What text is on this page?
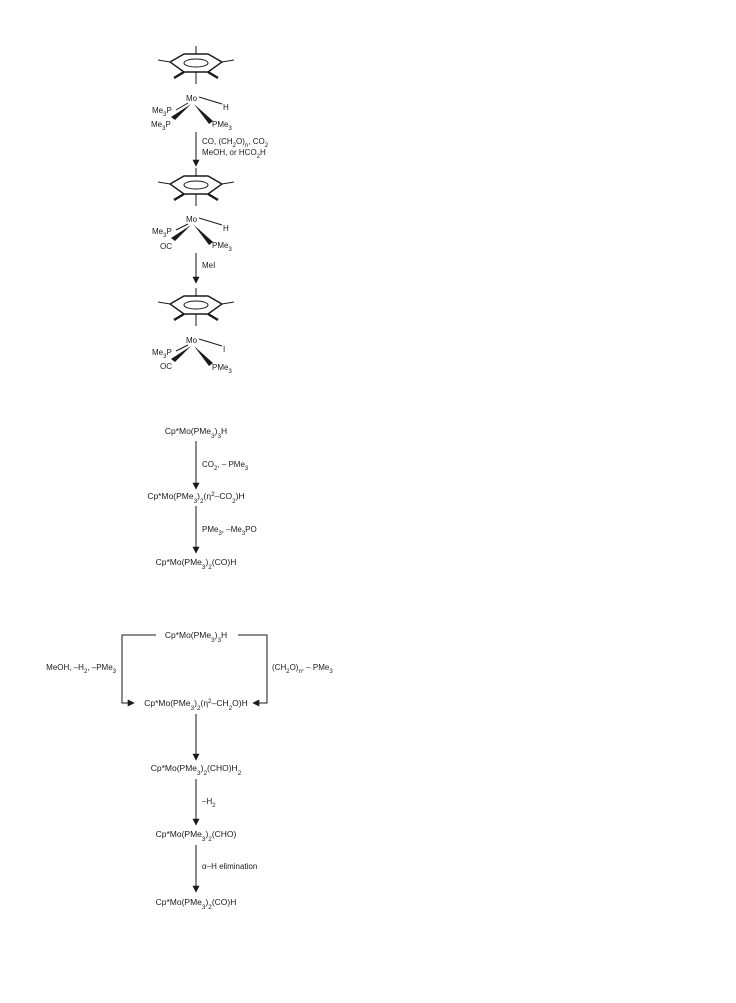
Mo
$Me_3P$
$Me_3P$	PMe$_3$
H
CO, $(CH_2O)_n$, $CO_2$
MeOH, or $HCO_2H$
Mo
$Me_3P$
OC	PMe$_3$
H
MeI
Mo
$Me_3P$
OC	PMe$_3$
I
$Cp*Mo(PMe_3)_3H$
$CO_2$, – PMe$_3$
$Cp*Mo(PMe_3)_2(\eta^2-CO_2)H$
PMe$_3$, $-Me_3PO$
$Cp*Mo(PMe_3)_2(CO)H$
$Cp*Mo(PMe_3)_3H$
MeOH, $-H_2$, –PMe$_3$	$(CH_2O)_n$, – PMe$_3$
$Cp*Mo(PMe_3)_2(\eta^2-CH_2O)H$
$Cp*Mo(PMe_3)_2(CHO)H_2$
$-H_2$
$Cp*Mo(PMe_3)_2(CHO)$
α–H elimination
$Cp*Mo(PMe_3)_2(CO)H$
